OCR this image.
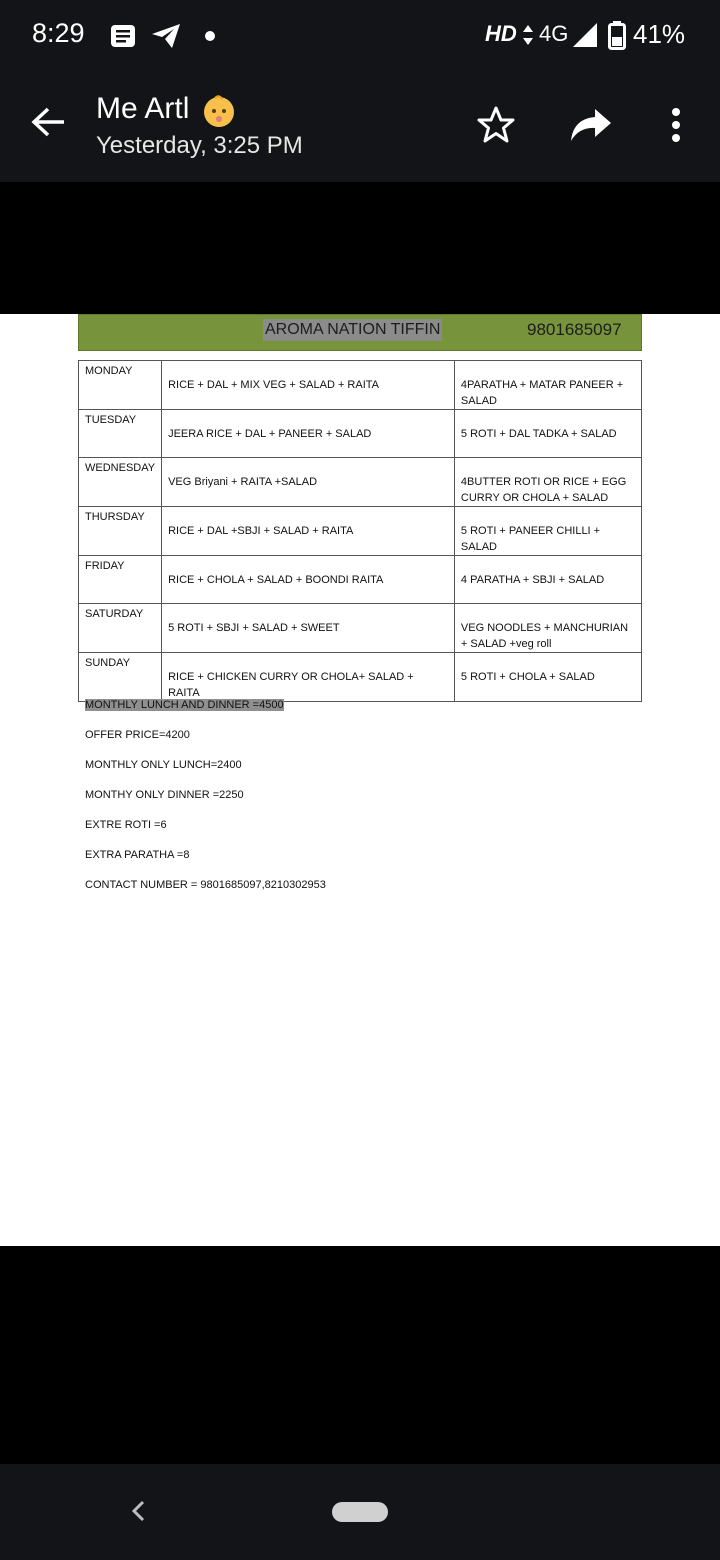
8:29	HD 4G 41%
Me Artl
Yesterday, 3:25 PM
AROMA NATION TIFFIN	9801685097
MONDAY	RICE + DAL + MIX VEG + SALAD + RAITA	4PARATHA + MATAR PANEER + SALAD
TUESDAY	JEERA RICE + DAL + PANEER + SALAD	5 ROTI + DAL TADKA + SALAD
WEDNESDAY	VEG Briyani + RAITA +SALAD	4BUTTER ROTI OR RICE + EGG CURRY OR CHOLA + SALAD
THURSDAY	RICE + DAL +SBJI + SALAD + RAITA	5 ROTI + PANEER CHILLI + SALAD
FRIDAY	RICE + CHOLA + SALAD + BOONDI RAITA	4 PARATHA + SBJI + SALAD
SATURDAY	5 ROTI + SBJI + SALAD + SWEET	VEG NOODLES + MANCHURIAN + SALAD +veg roll
SUNDAY	RICE + CHICKEN CURRY OR CHOLA+ SALAD + RAITA	5 ROTI + CHOLA + SALAD
MONTHLY LUNCH AND DINNER =4500
OFFER PRICE=4200
MONTHLY ONLY LUNCH=2400
MONTHY ONLY DINNER =2250
EXTRE ROTI =6
EXTRA PARATHA =8
CONTACT NUMBER = 9801685097,8210302953
